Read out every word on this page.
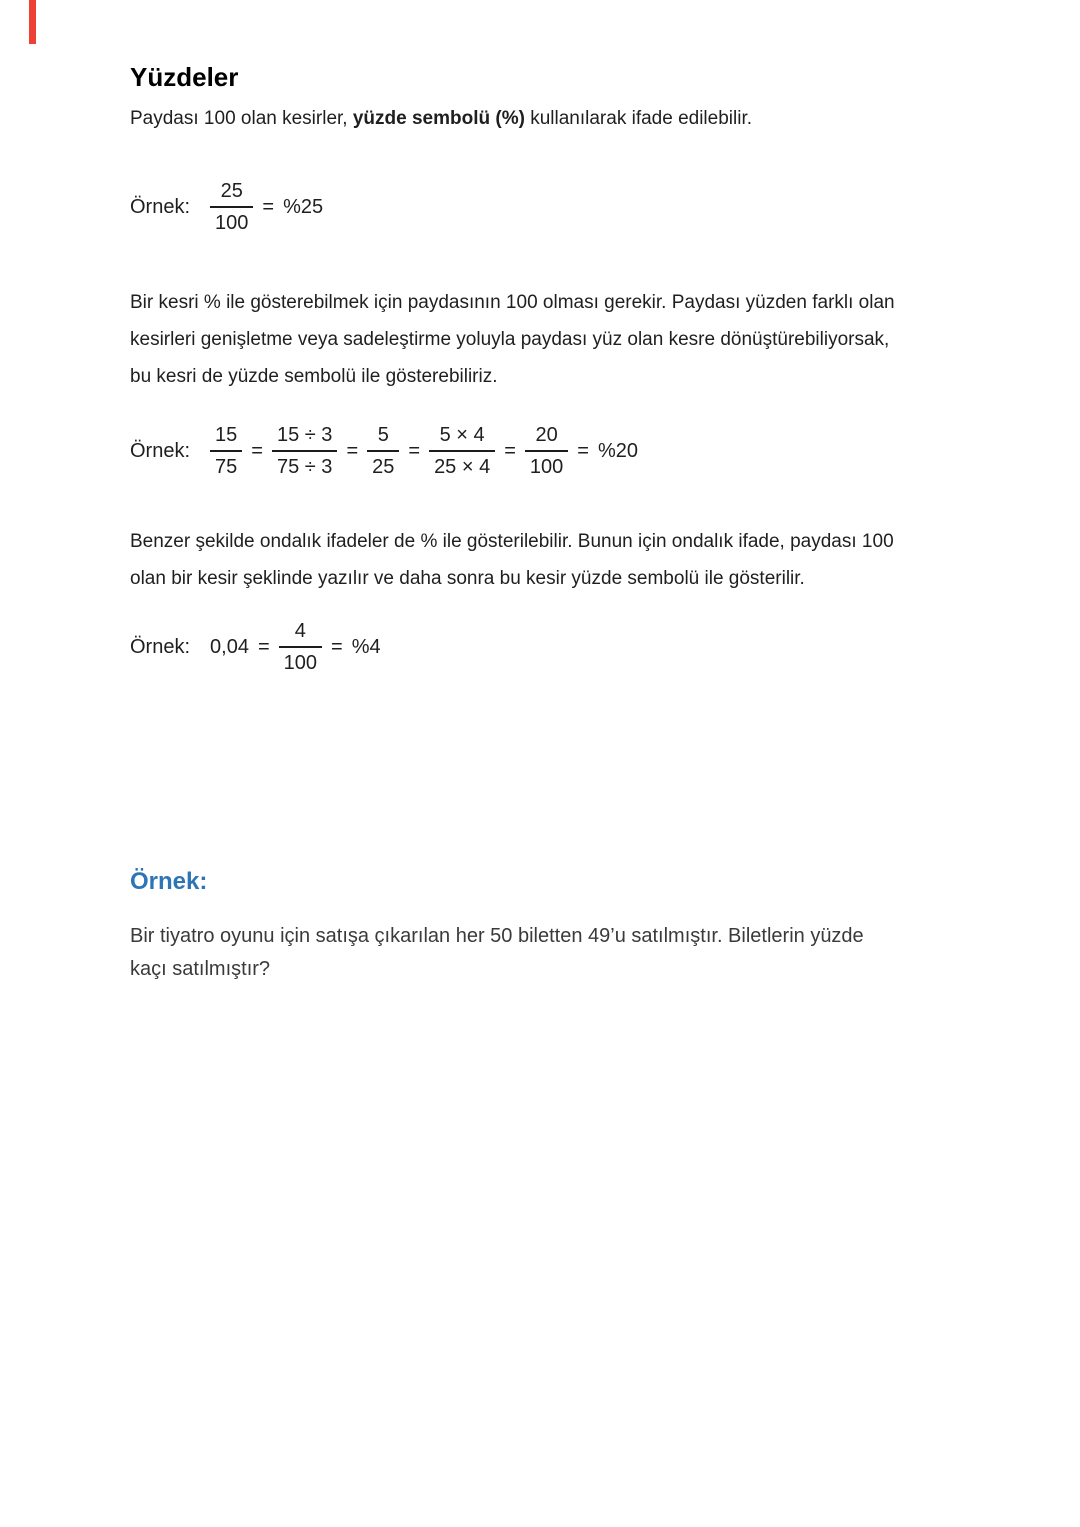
Yüzdeler

Paydası 100 olan kesirler, yüzde sembolü (%) kullanılarak ifade edilebilir.

Örnek: $\frac{25}{100} = \%25$
Bir kesri % ile gösterebilmek için paydasının 100 olması gerekir. Paydası yüzden farklı olan
kesirleri genişletme veya sadeleştirme yoluyla paydası yüz olan kesre dönüştürebiliyorsak,
bu kesri de yüzde sembolü ile gösterebiliriz.
Örnek: $\frac{15}{75} = \frac{15 \div 3}{75 \div 3} = \frac{5}{25} = \frac{5 \times 4}{25 \times 4} = \frac{20}{100} = \%20$
Benzer şekilde ondalık ifadeler de % ile gösterilebilir. Bunun için ondalık ifade, paydası 100
olan bir kesir şeklinde yazılır ve daha sonra bu kesir yüzde sembolü ile gösterilir.
Örnek: $0,04 = \frac{4}{100} = \%4$
Örnek:
Bir tiyatro oyunu için satışa çıkarılan her 50 biletten 49’u satılmıştır. Biletlerin yüzde
kaçı satılmıştır?
